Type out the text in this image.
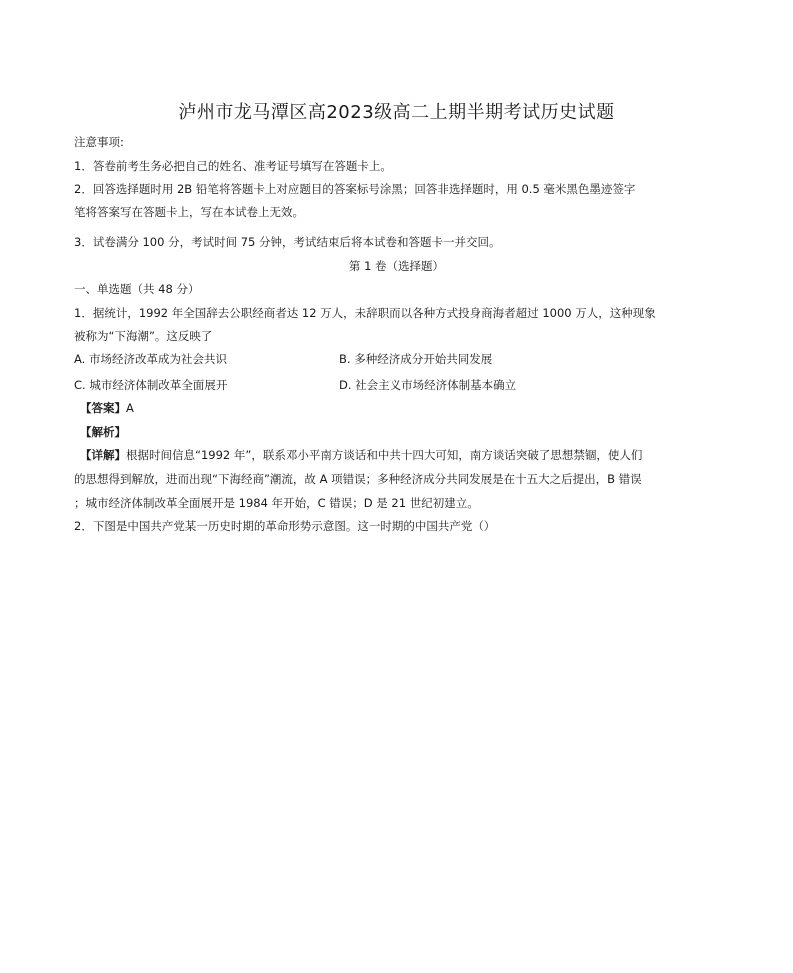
泸州市龙马潭区高2023级高二上期半期考试历史试题
注意事项:
1．答卷前考生务必把自己的姓名、准考证号填写在答题卡上。
2．回答选择题时用 2B 铅笔将答题卡上对应题目的答案标号涂黑；回答非选择题时，用 0.5 毫米黑色墨迹签字
笔将答案写在答题卡上，写在本试卷上无效。
3．试卷满分 100 分，考试时间 75 分钟，考试结束后将本试卷和答题卡一并交回。
第 1 卷（选择题）
一、单选题（共 48 分）
1．据统计，1992 年全国辞去公职经商者达 12 万人，未辞职而以各种方式投身商海者超过 1000 万人，这种现象
被称为“下海潮”。这反映了
A. 市场经济改革成为社会共识	B. 多种经济成分开始共同发展
C. 城市经济体制改革全面展开	D. 社会主义市场经济体制基本确立
【答案】A
【解析】
【详解】根据时间信息“1992 年”，联系邓小平南方谈话和中共十四大可知，南方谈话突破了思想禁锢，使人们
的思想得到解放，进而出现“下海经商”潮流，故 A 项错误；多种经济成分共同发展是在十五大之后提出，B 错误
；城市经济体制改革全面展开是 1984 年开始，C 错误；D 是 21 世纪初建立。
2．下图是中国共产党某一历史时期的革命形势示意图。这一时期的中国共产党（）
